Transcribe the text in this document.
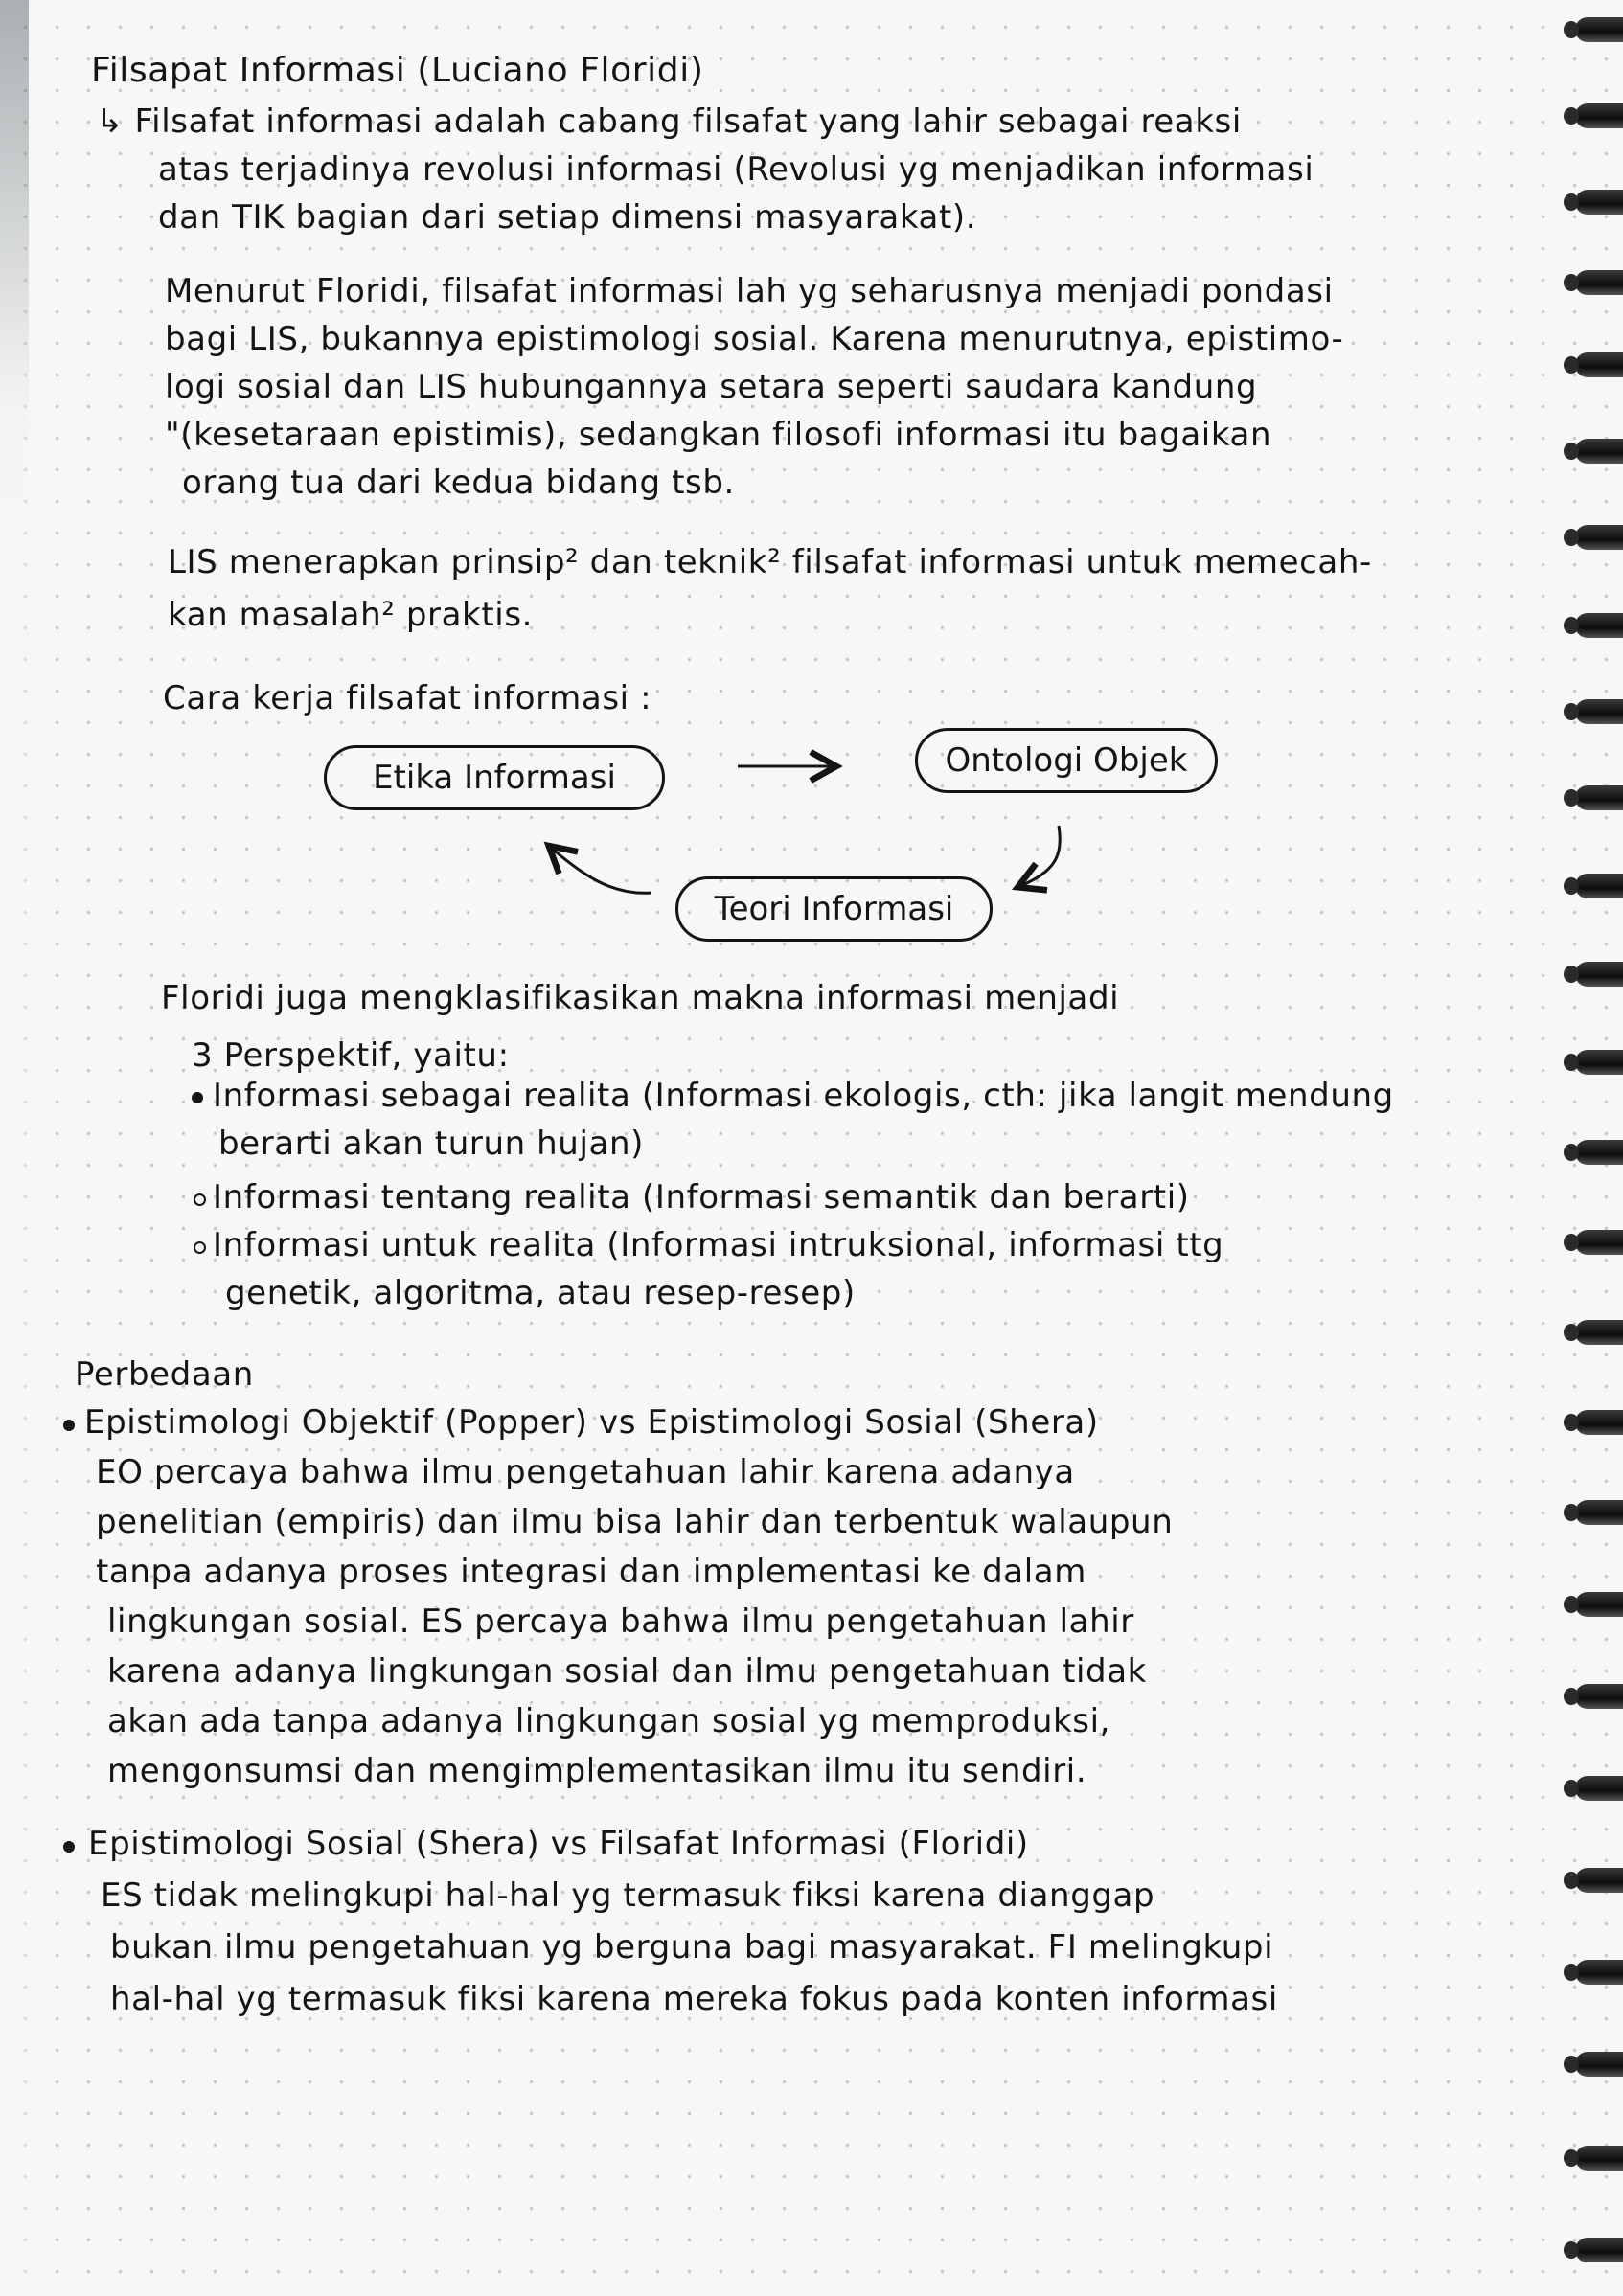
Filsapat Informasi (Luciano Floridi)
↳ Filsafat informasi adalah cabang filsafat yang lahir sebagai reaksi
atas terjadinya revolusi informasi (Revolusi yg menjadikan informasi
dan TIK bagian dari setiap dimensi masyarakat).
Menurut Floridi, filsafat informasi lah yg seharusnya menjadi pondasi
bagi LIS, bukannya epistimologi sosial. Karena menurutnya, epistimo-
logi sosial dan LIS hubungannya setara seperti saudara kandung
"(kesetaraan epistimis), sedangkan filosofi informasi itu bagaikan
orang tua dari kedua bidang tsb.
LIS menerapkan prinsip² dan teknik² filsafat informasi untuk memecah-
kan masalah² praktis.
Cara kerja filsafat informasi :
Etika Informasi	Ontologi Objek
Teori Informasi
Floridi juga mengklasifikasikan makna informasi menjadi
3 Perspektif, yaitu:
Informasi sebagai realita (Informasi ekologis, cth: jika langit mendung
berarti akan turun hujan)
Informasi tentang realita (Informasi semantik dan berarti)
Informasi untuk realita (Informasi intruksional, informasi ttg
genetik, algoritma, atau resep-resep)
Perbedaan
Epistimologi Objektif (Popper) vs Epistimologi Sosial (Shera)
EO percaya bahwa ilmu pengetahuan lahir karena adanya
penelitian (empiris) dan ilmu bisa lahir dan terbentuk walaupun
tanpa adanya proses integrasi dan implementasi ke dalam
lingkungan sosial. ES percaya bahwa ilmu pengetahuan lahir
karena adanya lingkungan sosial dan ilmu pengetahuan tidak
akan ada tanpa adanya lingkungan sosial yg memproduksi,
mengonsumsi dan mengimplementasikan ilmu itu sendiri.
Epistimologi Sosial (Shera) vs Filsafat Informasi (Floridi)
ES tidak melingkupi hal-hal yg termasuk fiksi karena dianggap
bukan ilmu pengetahuan yg berguna bagi masyarakat. FI melingkupi
hal-hal yg termasuk fiksi karena mereka fokus pada konten informasi
